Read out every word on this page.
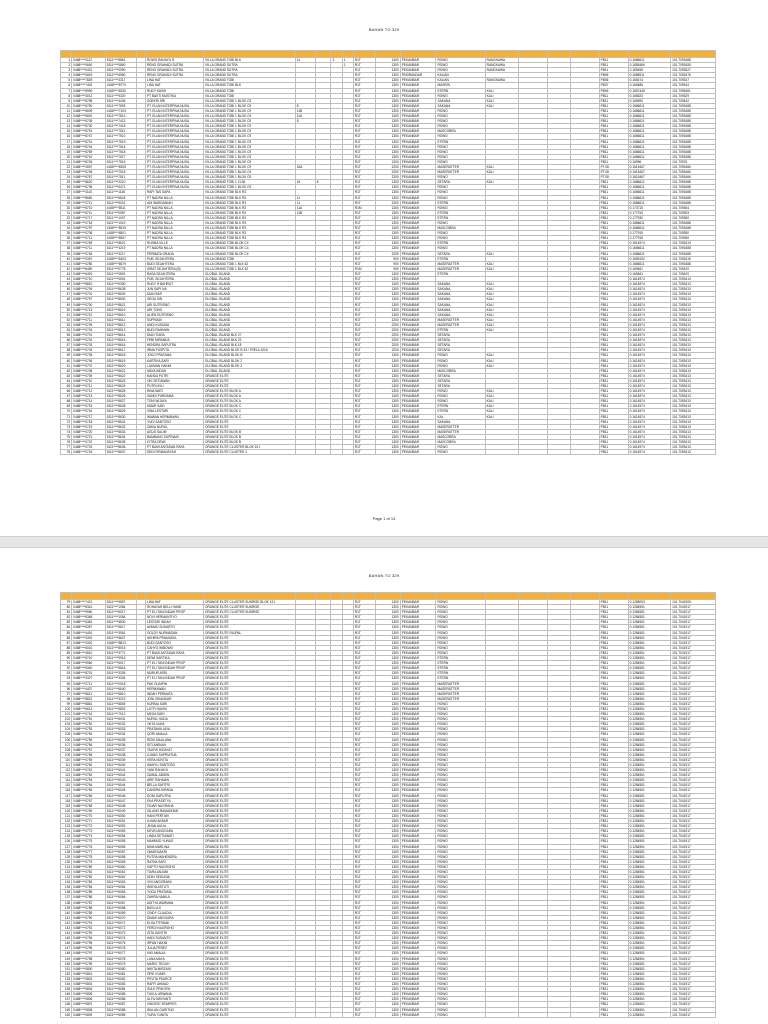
BAHAN TO 329

1	0468****0112	5111****8861		ROWO RAHAYU R	VILLA GRAND TOBI BLK	11		3	1	R1T	1300	PEKANBAR	ROWO	RANGKAWA				PB11	0.1686611	101.7093488
2	0468****0640	5111****0860		RENO GRAHADI SUTRA	VILLA GRAND SUTRA				1	R1T	1300	PEKANBAR	ROWO	RANGKAWA				PB11	0.1655466	101.7093455
3	0468****0421	5111****0990		RENO GRAHADI SUTRA	VILLA GRAND SUTRA					R1T	1300	PEKANBAR	ROWO	RANGKAWA				PB11	0.165458	101.7093527
4	0468****0819	5111****6580		RENO GRAHADI SUTRA	VILLA GRAND SUTRA					R1T	1300	PASIRANDAR	KALIAN					PB06	0.1686911	101.7093476
5	0468****7829	5111****3317		LINA HAT	VILLA GRAND TOBI					R1T	1300	PEKANBAR	KALIAN	RANGKAWA				PB06	0.165474	101.709347
6	0468****7402	4168****8770		LINA HAT	VILLA GRAND TOBI BLK					R1T	1300	PEKANBAR	MASRIN					PB07	0.165486	101.709344
7	0468****6990	4168****6330		RUDY KASIH	VILLA GRAND TOBI					R1T	1300	PEKANBAR	ETERN	KALI				PB06	0.1657445	101.7095461
8	0468****3012	5111****9320		PT BAKTI MUSTIKA	VILLA GRAND TOBI					R1T	1300	PEKANBAR	ROWO	KALI				PB11	0.166523	101.709329
9	0468****8798	5111****4436		SOEKRI SRI	VILLA GRAND TOBI 1 BLOK C9					R1T	1300	PEKANBAR	SAKANA	KALI				PB11	0.165690	101.709442
10	0468****6750	5111****7593		PT. ELIAN INTERPINA NUSA	VILLA GRAND TOBI 1 BLOK C9	8				R1T	1300	PEKANBAR	SAKANA	KALI				PB11	0.1686611	101.7093488
11	0468****6609	4168****7103		PT. ELIAN INTERPINA NUSA	VILLA GRAND TOBI 1 BLOK C9	11B				R1T	1300	PEKANBAR	ROWO					PB11	0.1686611	101.7093488
12	0468****6691	5111****7813		PT. ELIAN INTERPINA NUSA	VILLA GRAND TOBI 1 BLOK C9	11A				R1T	1300	PEKANBAR	ROWO					PB11	0.1686611	101.7093488
13	0468****6705	5111****7413		PT. ELIAN INTERPINA NUSA	VILLA GRAND TOBI 1 BLOK C9	8				R1T	1300	PEKANBAR	ROWO					PB11	0.1686611	101.7093488
14	0468****8730	5111****7415		PT. ELIAN INTERPINA NUSA	VILLA GRAND TOBI 1 BLOK C9					R1T	1300	PEKANBAR	ROWO					PB11	0.1686611	101.7093488
15	0468****8751	5111****7511		PT. ELIAN INTERPINA NUSA	VILLA GRAND TOBI 1 BLOK C9					R1T	1300	PEKANBAR	MASCOBRA					PB11	0.1686611	101.7093488
16	0468****8747	5111****7510		PT. ELIAN INTERPINA NUSA	VILLA GRAND TOBI 1 BLOK C9					R1T	1300	PEKANBAR	ROWO					PB11	0.1686611	101.7093488
17	0468****8701	5111****7519		PT. ELIAN INTERPINA NUSA	VILLA GRAND TOBI 1 BLOK C9					R1T	1300	PEKANBAR	ETERN					PB11	0.1686611	101.7093488
18	0468****8744	5111****7516		PT. ELIAN INTERPINA NUSA	VILLA GRAND TOBI 1 BLOK C9					R1T	1300	PEKANBAR	ROWO					PB11	0.1686611	101.7093488
19	0468****8769	5111****7518		PT. ELIAN INTERPINA NUSA	VILLA GRAND TOBI 1 BLOK C9					R1T	1300	PEKANBAR	ROWO					PB11	0.1686611	101.7093488
20	0468****8742	5111****7517		PT. ELIAN INTERPINA NUSA	VILLA GRAND TOBI 1 BLOK C9					R1T	1300	PEKANBAR	ROWO					PB11	0.1686611	101.7093488
21	0468****8745	5111****7519		PT. ELIAN INTERPINA NUSA	VILLA GRAND TOBI 1 BLOK C9					R1T	1300	PEKANBAR	ROWO					PB11	0.16996	101.70976
22	0468****2697	4168****6305		PT. ELIAN INTERPINA NUSA	VILLA GRAND TOBI 1 BLOK C9	15A				R1T	2200	PEKANBAR	MASERATTER	KALI				PT.08	0.1615467	101.7093466
23	0468****6745	5111****7518		PT. ELIAN INTERPINA NUSA	VILLA GRAND TOBI 1 BLOK C9					R1T	2200	PEKANBAR	MASERATTER	KALI				PT.08	0.1615467	101.7093466
24	0468****6767	5111****7511		PT. ELIAN INTERPINA NUSA	VILLA GRAND TOBI 1 BLOK C9					R1T	2200	PEKANBAR	ROWO					PT.08	0.1615467	101.7093466
25	0468****8620	5111****2210		PT. ELIAN INTERPINA NUSA	VILLA GRAND TOBI 1 C136	16	6			R1T	1300	PEKANBAR	SETARA	KALI				PB11	0.1686611	101.7093488
26	0468****6735	5111****6471		PT. ELIAN INTERPINA NUSA	VILLA GRAND TOBI 1 BLOK C9					R1T	1300	PEKANBAR	ROWO					PB11	0.1686611	101.7093488
27	0468****3110	5111****1160		RAPI TAS SAPA	VILLA GRAND TOBI BLK R3					R1T	1300	PEKANBAR	ROWO					PB11	0.1686611	101.7093488
28	0468****8660	5111****6618		PT NADRA NILLA	VILLA GRAND TOBI BLK R3	11				R1T	1300	PEKANBAR	ROWO					PB11	0.1686611	101.7093488
29	0468****2711	5111****9001		ADI WARDANIAH	VILLA GRAND TOBI BLK R3	11				R1T	2200	PEKANBAR	ETERN					PB11	0.1686611	101.7093488
30	0468****8710	4168****5511		PT NADRA NILLA	VILLA GRAND TOBI BLK R3	11A				R1M	1300	PEKANBAR	ROWO					PB11	0.173715	101.709354
31	0468****8711	5111****0987		PT NADRA NILLA	VILLA GRAND TOBI BLK R3	11B				R1T	1300	PEKANBAR	ETERN					PB11	0.177915	101.709393
32	0468****0717	5111****1007		PT NADRA NILLA	VILLA GRAND TOBI BLK R3					R1T	1300	PEKANBAR	ETERN					PB11	0.177930	101.709350
33	0468****0718	5111****1019		PT NADRA NILLA	VILLA GRAND TOBI BLK R3					R1T	1300	PEKANBAR	ROWO					PB11	0.1686611	101.7093488
34	0468****0797	4168****5519		PT NADRA NILLA	VILLA GRAND TOBI BLK R3					R1T	1300	PEKANBAR	MASCOBRA					PB11	0.1686611	101.7093488
35	0468****0708	4168****6501		PT NADRA NILLA	VILLA GRAND TOBI BLK R3					R1T	1300	PEKANBAR	ROWO					PB11	0.177915	101.709350
36	0468****0711	4168****6507		PT NADRA NILLA	VILLA GRAND TOBI BLK R3					R1T	1300	PEKANBAR	ROWO					PB11	0.177915	101.709350
37	0468****0769	5111****8621		RUSMA VILLE	VILLA GRAND TOBI BLOK C4					R1T	1300	PEKANBAR	ETERN					PB11	0.1614974	101.7093413
38	0468****0711	5111****3219		PT NADRA NILLA	VILLA GRAND TOBI BLOK C4					R1T	1300	PEKANBAR	ROWO					PB11	0.1686611	101.7093488
39	0468****0746	5111****3217		PERMATA GRAHA	VILLA GRAND TOBI BLOK C4					R1T	2200	PEKANBAR	SETARA	KALI				PB11	0.1686611	101.7093488
40	0468****0397	4168****6303		PUB. SEJAHTERA	VILLA GRAND TOBI					R1T	900	PEKANBAR	ETERN					PB11	0.1695192	101.7093415
41	0468****4780	4168****6579		BUDI SEJAHTERA	VILLA GRAND TOBI 1 BLK 62					R1T	900	PEKANBAR	MASERATTER	KALI				PB11	0.1686611	101.7093488
42	0468****8490	5111****0778		SIRAT SEJAHTERA (B)	VILLA GRAND TOBI 1 BLK 62					R1M	900	PEKANBAR	MASERATTER	KALI				PB11	0.169461	101.709420
43	0468****6491	5111****0891		RASA SEJAHTERA	GLOBAL ISLAND					R1T	1300	PEKANBAR	ETERN					PB11	0.169461	101.709420
44	0468****0710	5111****0501		PUB. SEJAHTERA	GLOBAL ISLAND					R1T	1300	PEKANBAR						PB11	0.1614974	101.7093413
45	0468****8810	5111****6390		RUDY H BAHRUT	GLOBAL ISLAND					R1T	1300	PEKANBAR	SAKANA	KALI				PB11	0.1614974	101.7093413
46	0468****0709	5111****8638		JUN SAPI NA	GLOBAL ISLAND					R1T	1300	PEKANBAR	SAKANA	KALI				PB11	0.1614974	101.7093413
47	0468****0701	5111****8639		DIAN BATI	GLOBAL ISLAND					R1T	1300	PEKANBAR	SAKANA	KALI				PB11	0.1614974	101.7093413
48	0468****0797	5111****8630		GEGA SIN	GLOBAL ISLAND					R1T	1300	PEKANBAR	SAKANA	KALI				PB11	0.1614974	101.7093413
49	0468****0700	5111****8621		ARI SUTRISNO	GLOBAL ISLAND					R1T	1300	PEKANBAR	SAKANA	KALI				PB11	0.1614974	101.7093413
50	0468****0713	5111****8619		ARI TONO	GLOBAL ISLAND					R1T	1300	PEKANBAR	SAKANA	KALI				PB11	0.1614974	101.7093413
51	0468****0710	5111****8610		ALIEN SUTRISNO	GLOBAL ISLAND					R1T	1300	PEKANBAR	SAKANA	KALI				PB11	0.1614974	101.7093413
52	0468****0711	5111****8611		SUPRIADI	GLOBAL ISLAND					R1T	2200	PEKANBAR	MASERATTER	KALI				PB11	0.1614974	101.7093413
53	0468****0709	5111****8612		ANDI KUSUMA	GLOBAL ISLAND					R1T	2200	PEKANBAR	MASERATTER	KALI				PB11	0.1614974	101.7093413
54	0468****0704	5111****8613		BUDI RAHMAN	GLOBAL ISLAND					R1T	2200	PEKANBAR	ETERN	KALI				PB11	0.1614974	101.7093413
55	0468****0701	5111****8614		DIAN TIARA	GLOBAL ISLAND BLK 27					R1T	2200	PEKANBAR	SETARA					PB11	0.1614974	101.7093413
56	0468****0702	5111****8615		FEBI MIRANDA	GLOBAL ISLAND BLK 22					R1T	2200	PEKANBAR	SETARA					PB11	0.1614974	101.7093413
57	0468****0703	5111****8616		HENDRA SAPUTRA	GLOBAL ISLAND BLK 18					R1T	2200	PEKANBAR	SETARA					PB11	0.1614974	101.7093413
58	0468****0704	5111****8617		IRMA PUSPITA	GLOBAL ISLAND BLOK B 33 / TRELA 1016					R1T	2200	PEKANBAR	SETARA					PB11	0.1614974	101.7093413
59	0468****0705	5111****8618		JOKO PRATAMA	GLOBAL ISLAND BLOK B					R1T	1300	PEKANBAR	ROWO	KALI				PB11	0.1614974	101.7093413
60	0468****0706	5111****8619		KARTIKA SARI	GLOBAL ISLAND BLOK 2					R1T	1300	PEKANBAR	ROWO	KALI				PB11	0.1614974	101.7093413
61	0468****0707	5111****8620		LUKMAN HAKIM	GLOBAL ISLAND BLOK 2					R1T	1300	PEKANBAR	ROWO	KALI				PB11	0.1614974	101.7093413
62	0468****0708	5111****8621		MAYA INDAH	GLOBAL ISLAND					R1T	1300	PEKANBAR	MASCOBRA					PB11	0.1614974	101.7093413
63	0468****0709	5111****8622		NANDA PUTRI	ORANGE ELITE					R1T	1300	PEKANBAR	SETARA					PB11	0.1614974	101.7093413
64	0468****0710	5111****8623		OKI SETIAWAN	ORANGE ELITE					R1T	1300	PEKANBAR	SETARA					PB11	0.1614974	101.7093413
65	0468****0711	5111****8624		PUTRI AYU	ORANGE ELITE					R1T	1300	PEKANBAR	SETARA					PB11	0.1614974	101.7093413
66	0468****0712	5111****8625		RINA WATI	ORANGE ELITE BLOK A					R1T	1300	PEKANBAR	ROWO	KALI				PB11	0.1614974	101.7093413
67	0468****0713	5111****8626		SANDI PURNAMA	ORANGE ELITE BLOK A					R1T	1300	PEKANBAR	ROWO	KALI				PB11	0.1614974	101.7093413
68	0468****0714	5111****8627		TONI WIJAYA	ORANGE ELITE BLOK A					R1T	1300	PEKANBAR	ROWO	KALI				PB11	0.1614974	101.7093413
69	0468****0715	5111****8628		UMAR SAID	ORANGE ELITE BLOK C					R1T	1300	PEKANBAR	ETERN	KALI				PB11	0.1614974	101.7093413
70	0468****0716	5111****8629		VINA LESTARI	ORANGE ELITE BLOK C					R1T	1300	PEKANBAR	ETERN	KALI				PB11	0.1614974	101.7093413
71	0468****0717	5111****8630		WAWAN HERMAWAN	ORANGE ELITE BLOK C					R1T	1300	PEKANBAR	KAL	KALI				PB11	0.1614974	101.7093413
72	0468****0718	5111****8631		YUDI SANTOSO	ORANGE ELITE					R1T	1300	PEKANBAR	SAKANA					PB11	0.1614974	101.7093413
73	0468****0719	5111****8632		ZAKIA NURUL	ORANGE ELITE					R1T	1300	PEKANBAR	MASERATTER					PB11	0.1614974	101.7093413
74	0468****0720	5111****8633		AGUS SALIM	ORANGE ELITE BLOK B					R1T	1300	PEKANBAR	MASERATTER					PB11	0.1614974	101.7093413
75	0468****0721	5111****8634		BAMBANG SUPRIADI	ORANGE ELITE BLOK B					R1T	1300	PEKANBAR	MASCOBRA					PB11	0.1614974	101.7093413
76	0468****0722	5111****8635		CITRA DEWI	ORANGE ELITE BLOK B					R1T	1300	PEKANBAR	MASCOBRA					PB11	0.1614974	101.7093413
77	0468****0723	5111****8636		PT BUMI ANTASAN RAYA	ORANGE ELITE CLUSTER BLOK 101					R1T	1300	PEKANBAR	ROWO					PB11	0.1614974	101.7093413
78	0468****0724	5111****8637		DEDI FIRMANSYAH	ORANGE ELITE CLUSTER 1					R1T	1300	PEKANBAR	ROWO					PB11	0.1614974	101.7093413
Page 1 of 13
BAHAN TO 329

79	0468****7421	5111****9857		LINA HAT	ORANGE ELITE CLUSTER SUNRISE BLOK 121					R1T	1300	PEKANBAR	ROWO					PB11	0.1285053	101.7041905
80	0468****6341	5111****1084		ROHAYAH BELLI HANE	ORANGE ELITE CLUSTER SUNRISE					R1T	1300	PEKANBAR	ROWO					PB11	0.1284551	101.7041917
81	0468****9960	5111****6017		PT ELI TANI INDAH PROP	ORANGE ELITE CLUSTER SUNRISE					R1T	1300	PEKANBAR	ROWO					PB11	0.1284551	101.7041917
82	0468****6348	5111****1064		NOVI HERMANTIYO	ORANGE ELITE					R1T	1300	PEKANBAR	ROWO					PB11	0.1284551	101.7041917
83	0468****6381	5111****5830		LESTARI INDAH	ORANGE ELITE					R1T	1300	PEKANBAR	ROWO					PB11	0.1284551	101.7041917
84	0468****6397	5111****9617		AHMAD SUHARTO	ORANGE ELITE					R1T	1300	PEKANBAR	ROWO					PB11	0.1284551	101.7041917
85	0468****4491	5111****3961		GOLDY NURMADAN	ORANGE ELITE RAJPAL					R1T	1300	PEKANBAR	ROWO					PB11	0.1284551	101.7041917
86	0468****3391	5111****8607		AKHIRA PRAMUDIA	ORANGE ELITE					R1T	1300	PEKANBAR	ROWO					PB11	0.1284551	101.7041917
87	0468****3320	4168****8813		BUDI SANTOSO	ORANGE ELITE					R1T	1300	PEKANBAR	ROWO					PB11	0.1284551	101.7041917
88	0468****6001	5111****8015		CAHYO WIBOWO	ORANGE ELITE					R1T	1300	PEKANBAR	ROWO					PB11	0.1284551	101.7041917
89	0468****4510	5111****3771		PT BUMI ANTASAN RAYA	ORANGE ELITE					R1T	1300	PEKANBAR	ROWO					PB11	0.1284551	101.7041917
90	0468****5710	5111****9915		DEWI SARTIKA	ORANGE ELITE					R1T	1300	PEKANBAR	ETERN					PB11	0.1284551	101.7041917
91	0468****9960	5111****6017		PT ELI TANI INDAH PROP	ORANGE ELITE					R1T	1300	PEKANBAR	ETERN					PB11	0.1284551	101.7041917
92	0468****6340	5111****5816		PT ELI TANI INDAH PROP	ORANGE ELITE					R1T	1300	PEKANBAR	ETERN					PB11	0.1284551	101.7041917
93	0468****8701	5111****3305		MURUR ARDI	ORANGE ELITE					R1T	1300	PEKANBAR	ETERN					PB11	0.1284551	101.7041917
94	0468****3327	5111****3304		PT ELI TANI INDAH PROP	ORANGE ELITE					R1T	1300	PEKANBAR	ETERN					PB11	0.1284551	101.7041917
95	0468****2711	5111****0018		PAK OLIMPIN	ORANGE ELITE					R1T	1300	PEKANBAR	MASERATTER					PB11	0.1284551	101.7041917
96	0468****4407	5111****6640		HERMAWAN	ORANGE ELITE					R1T	1300	PEKANBAR	MASERATTER					PB11	0.1284551	101.7041917
97	0468****6611	5111****5810		INDAH PERMATA	ORANGE ELITE					R1T	1300	PEKANBAR	MASERATTER					PB11	0.1284551	101.7041917
98	0468****8821	5111****3219		JONI ISKANDAR	ORANGE ELITE					R1T	1300	PEKANBAR	MASERATTER					PB11	0.1284551	101.7041917
99	0468****8861	5111****8805		KURNIA SARI	ORANGE ELITE					R1T	1300	PEKANBAR	ROWO					PB11	0.1284551	101.7041917
100	0468****6613	5111****6802		LUTFI HAKIM	ORANGE ELITE					R1T	1300	PEKANBAR	ROWO					PB11	0.1284551	101.7041917
101	0468****0716	5111****7012		MEGA SARI	ORANGE ELITE					R1T	1300	PEKANBAR	ROWO					PB11	0.1284551	101.7041917
102	0468****0751	5111****6031		NURUL HUDA	ORANGE ELITE					R1T	1300	PEKANBAR	ROWO					PB11	0.1284551	101.7041917
103	0468****0752	5111****6032		OKTA VIANI	ORANGE ELITE					R1T	1300	PEKANBAR	ROWO					PB11	0.1284551	101.7041917
104	0468****0753	5111****6033		PRATAMA JAYA	ORANGE ELITE					R1T	1300	PEKANBAR	ROWO					PB11	0.1284551	101.7041917
105	0468****0754	5111****6034		QORI AMALIA	ORANGE ELITE					R1T	1300	PEKANBAR	ROWO					PB11	0.1284551	101.7041917
106	0468****0755	5111****6035		RIZKI MAULANA	ORANGE ELITE					R1T	1300	PEKANBAR	ROWO					PB11	0.1284551	101.7041917
107	0468****0756	5111****6036		SITI AMINAH	ORANGE ELITE					R1T	1300	PEKANBAR	ROWO					PB11	0.1284551	101.7041917
108	0468****0757	5111****6037		TAUFIK HIDAYAT	ORANGE ELITE					R1T	1300	PEKANBAR	ROWO					PB11	0.1284551	101.7041917
109	0468****0758	5111****6038		UJANG SUPRIATNA	ORANGE ELITE					R1T	1300	PEKANBAR	ROWO					PB11	0.1284551	101.7041917
110	0468****0759	5111****6039		VERA NOVITA	ORANGE ELITE					R1T	1300	PEKANBAR	ROWO					PB11	0.1284551	101.7041917
111	0468****0760	5111****6040		WAHYU SANTOSO	ORANGE ELITE					R1T	1300	PEKANBAR	ROWO					PB11	0.1284551	101.7041917
112	0468****0761	5111****6041		YANI RAHAYU	ORANGE ELITE					R1T	1300	PEKANBAR	ROWO					PB11	0.1284551	101.7041917
113	0468****0762	5111****6042		ZAINAL ABIDIN	ORANGE ELITE					R1T	1300	PEKANBAR	ROWO					PB11	0.1284551	101.7041917
114	0468****0763	5111****6043		ARIF RAHMAN	ORANGE ELITE					R1T	1300	PEKANBAR	ROWO					PB11	0.1284551	101.7041917
115	0468****0764	5111****6044		BELLA SAFITRI	ORANGE ELITE					R1T	1300	PEKANBAR	ROWO					PB11	0.1284551	101.7041917
116	0468****0765	5111****6045		CANDRA KIRANA	ORANGE ELITE					R1T	1300	PEKANBAR	ROWO					PB11	0.1284551	101.7041917
117	0468****0766	5111****6046		DONI SAPUTRA	ORANGE ELITE					R1T	1300	PEKANBAR	ROWO					PB11	0.1284551	101.7041917
118	0468****0767	5111****6047		EKA PRASETYA	ORANGE ELITE					R1T	1300	PEKANBAR	ROWO					PB11	0.1284551	101.7041917
119	0468****0768	5111****6048		FAJAR NUGRAHA	ORANGE ELITE					R1T	1300	PEKANBAR	ROWO					PB11	0.1284551	101.7041917
120	0468****0769	5111****6049		GILANG RAMADHAN	ORANGE ELITE					R1T	1300	PEKANBAR	ROWO					PB11	0.1284551	101.7041917
121	0468****0770	5111****6050		HANI PERTIWI	ORANGE ELITE					R1T	1300	PEKANBAR	ROWO					PB11	0.1284551	101.7041917
122	0468****0771	5111****6051		ILHAM AKBAR	ORANGE ELITE					R1T	1300	PEKANBAR	ROWO					PB11	0.1284551	101.7041917
123	0468****0772	5111****6052		JIHAN AULIA	ORANGE ELITE					R1T	1300	PEKANBAR	ROWO					PB11	0.1284551	101.7041917
124	0468****0773	5111****6053		KEVIN ANGGARA	ORANGE ELITE					R1T	1300	PEKANBAR	ROWO					PB11	0.1284551	101.7041917
125	0468****0774	5111****6054		LINDA SETIAWATI	ORANGE ELITE					R1T	1300	PEKANBAR	ROWO					PB11	0.1284551	101.7041917
126	0468****0775	5111****6055		MAHMUD YUNUS	ORANGE ELITE					R1T	1300	PEKANBAR	ROWO					PB11	0.1284551	101.7041917
127	0468****0776	5111****6056		NINA MARLINA	ORANGE ELITE					R1T	1300	PEKANBAR	ROWO					PB11	0.1284551	101.7041917
128	0468****0777	5111****6057		OMAR BAKRI	ORANGE ELITE					R1T	1300	PEKANBAR	ROWO					PB11	0.1284551	101.7041917
129	0468****0778	5111****6058		PUTRA MAHENDRA	ORANGE ELITE					R1T	1300	PEKANBAR	ROWO					PB11	0.1284551	101.7041917
130	0468****0779	5111****6059		RATNA SARI	ORANGE ELITE					R1T	1300	PEKANBAR	ROWO					PB11	0.1284551	101.7041917
131	0468****0780	5111****6060		SAPTO NUGROHO	ORANGE ELITE					R1T	1300	PEKANBAR	ROWO					PB11	0.1284551	101.7041917
132	0468****0781	5111****6061		TIARA ANJANI	ORANGE ELITE					R1T	1300	PEKANBAR	ROWO					PB11	0.1284551	101.7041917
133	0468****0782	5111****6062		UDIN SEDUNIA	ORANGE ELITE					R1T	1300	PEKANBAR	ROWO					PB11	0.1284551	101.7041917
134	0468****0783	5111****6063		VIVI ANGGRAINI	ORANGE ELITE					R1T	1300	PEKANBAR	ROWO					PB11	0.1284551	101.7041917
135	0468****0784	5111****6064		WIDYA ASTUTI	ORANGE ELITE					R1T	1300	PEKANBAR	ROWO					PB11	0.1284551	101.7041917
136	0468****0785	5111****6065		YOGA PRATAMA	ORANGE ELITE					R1T	1300	PEKANBAR	ROWO					PB11	0.1284551	101.7041917
137	0468****0786	5111****6066		ZAHRA NABILA	ORANGE ELITE					R1T	1300	PEKANBAR	ROWO					PB11	0.1284551	101.7041917
138	0468****0787	5111****6067		ADITYA WARMAN	ORANGE ELITE					R1T	1300	PEKANBAR	ROWO					PB11	0.1284551	101.7041917
139	0468****0788	5111****6068		BAYU AJI	ORANGE ELITE					R1T	1300	PEKANBAR	ROWO					PB11	0.1284551	101.7041917
140	0468****0789	5111****6069		CINDY CLAUDIA	ORANGE ELITE					R1T	1300	PEKANBAR	ROWO					PB11	0.1284551	101.7041917
141	0468****0790	5111****6070		DIMAS ANGGARA	ORANGE ELITE					R1T	1300	PEKANBAR	ROWO					PB11	0.1284551	101.7041917
142	0468****0791	5111****6071		ELSA FITRIANI	ORANGE ELITE					R1T	1300	PEKANBAR	ROWO					PB11	0.1284551	101.7041917
143	0468****0792	5111****6072		FERDI NUGROHO	ORANGE ELITE					R1T	1300	PEKANBAR	ROWO					PB11	0.1284551	101.7041917
144	0468****0793	5111****6073		GITA SAVITRI	ORANGE ELITE					R1T	1300	PEKANBAR	ROWO					PB11	0.1284551	101.7041917
145	0468****0794	5111****6074		HADI SUSANTO	ORANGE ELITE					R1T	1300	PEKANBAR	ROWO					PB11	0.1284551	101.7041917
146	0468****0795	5111****6075		IRFAN HAKIM	ORANGE ELITE					R1T	1300	PEKANBAR	ROWO					PB11	0.1284551	101.7041917
147	0468****0796	5111****6076		JULIA PEREZ	ORANGE ELITE					R1T	1300	PEKANBAR	ROWO					PB11	0.1284551	101.7041917
148	0468****0797	5111****6077		KIKI AMALIA	ORANGE ELITE					R1T	1300	PEKANBAR	ROWO					PB11	0.1284551	101.7041917
149	0468****0798	5111****6078		LUNA MAYA	ORANGE ELITE					R1T	1300	PEKANBAR	ROWO					PB11	0.1284551	101.7041917
150	0468****0799	5111****6079		MARIO TEGUH	ORANGE ELITE					R1T	1300	PEKANBAR	ROWO					PB11	0.1284551	101.7041917
151	0468****0800	5111****6080		NIKITA MIRZANI	ORANGE ELITE					R1T	1300	PEKANBAR	ROWO					PB11	0.1284551	101.7041917
152	0468****0801	5111****6081		OPIE KUMIS	ORANGE ELITE					R1T	1300	PEKANBAR	ROWO					PB11	0.1284551	101.7041917
153	0468****0802	5111****6082		PEVITA PEARCE	ORANGE ELITE					R1T	1300	PEKANBAR	ROWO					PB11	0.1284551	101.7041917
154	0468****0803	5111****6083		RAFFI AHMAD	ORANGE ELITE					R1T	1300	PEKANBAR	ROWO					PB11	0.1284551	101.7041917
155	0468****0804	5111****6084		SULE PRIKITIW	ORANGE ELITE					R1T	1300	PEKANBAR	ROWO					PB11	0.1284551	101.7041917
156	0468****0805	5111****6085		TUKUL ARWANA	ORANGE ELITE					R1T	1300	PEKANBAR	ROWO					PB11	0.1284551	101.7041917
157	0468****0806	5111****6086		ULFA DWIYANTI	ORANGE ELITE					R1T	1300	PEKANBAR	ROWO					PB11	0.1284551	101.7041917
158	0468****0807	5111****6087		VINCENT ROMPIES	ORANGE ELITE					R1T	1300	PEKANBAR	ROWO					PB11	0.1284551	101.7041917
159	0468****0808	5111****6088		WULAN GURITNO	ORANGE ELITE					R1T	1300	PEKANBAR	ROWO					PB11	0.1284551	101.7041917
160	0468****0809	5111****6089		YURA YUNITA	ORANGE ELITE					R1T	1300	PEKANBAR	ROWO					PB11	0.1284551	101.7041917
